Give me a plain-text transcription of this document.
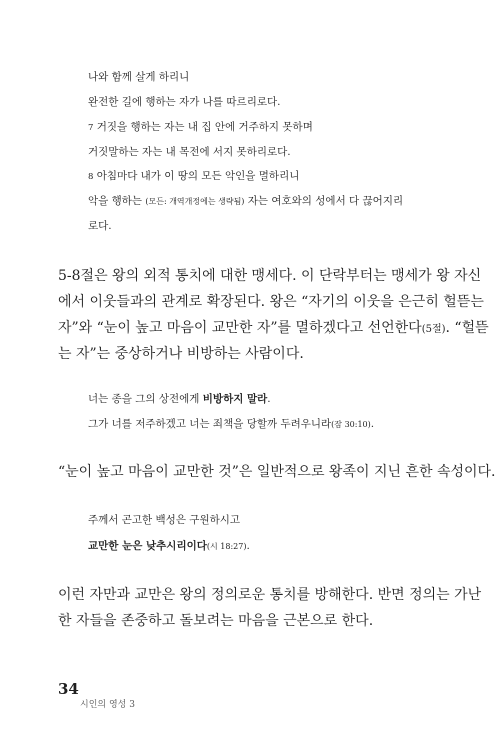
나와 함께 살게 하리니
완전한 길에 행하는 자가 나를 따르리로다.
7 거짓을 행하는 자는 내 집 안에 거주하지 못하며
거짓말하는 자는 내 목전에 서지 못하리로다.
8 아침마다 내가 이 땅의 모든 악인을 멸하리니
악을 행하는 (모든: 개역개정에는 생략됨) 자는 여호와의 성에서 다 끊어지리
로다.
5-8절은 왕의 외적 통치에 대한 맹세다. 이 단락부터는 맹세가 왕 자신
에서 이웃들과의 관계로 확장된다. 왕은 “자기의 이웃을 은근히 헐뜯는
자”와 “눈이 높고 마음이 교만한 자”를 멸하겠다고 선언한다(5절). “헐뜯
는 자”는 중상하거나 비방하는 사람이다.
너는 종을 그의 상전에게 비방하지 말라.
그가 너를 저주하겠고 너는 죄책을 당할까 두려우니라(잠 30:10).
“눈이 높고 마음이 교만한 것”은 일반적으로 왕족이 지닌 흔한 속성이다.
주께서 곤고한 백성은 구원하시고
교만한 눈은 낮추시리이다(시 18:27).
이런 자만과 교만은 왕의 정의로운 통치를 방해한다. 반면 정의는 가난
한 자들을 존중하고 돌보려는 마음을 근본으로 한다.
34
시인의 영성 3
